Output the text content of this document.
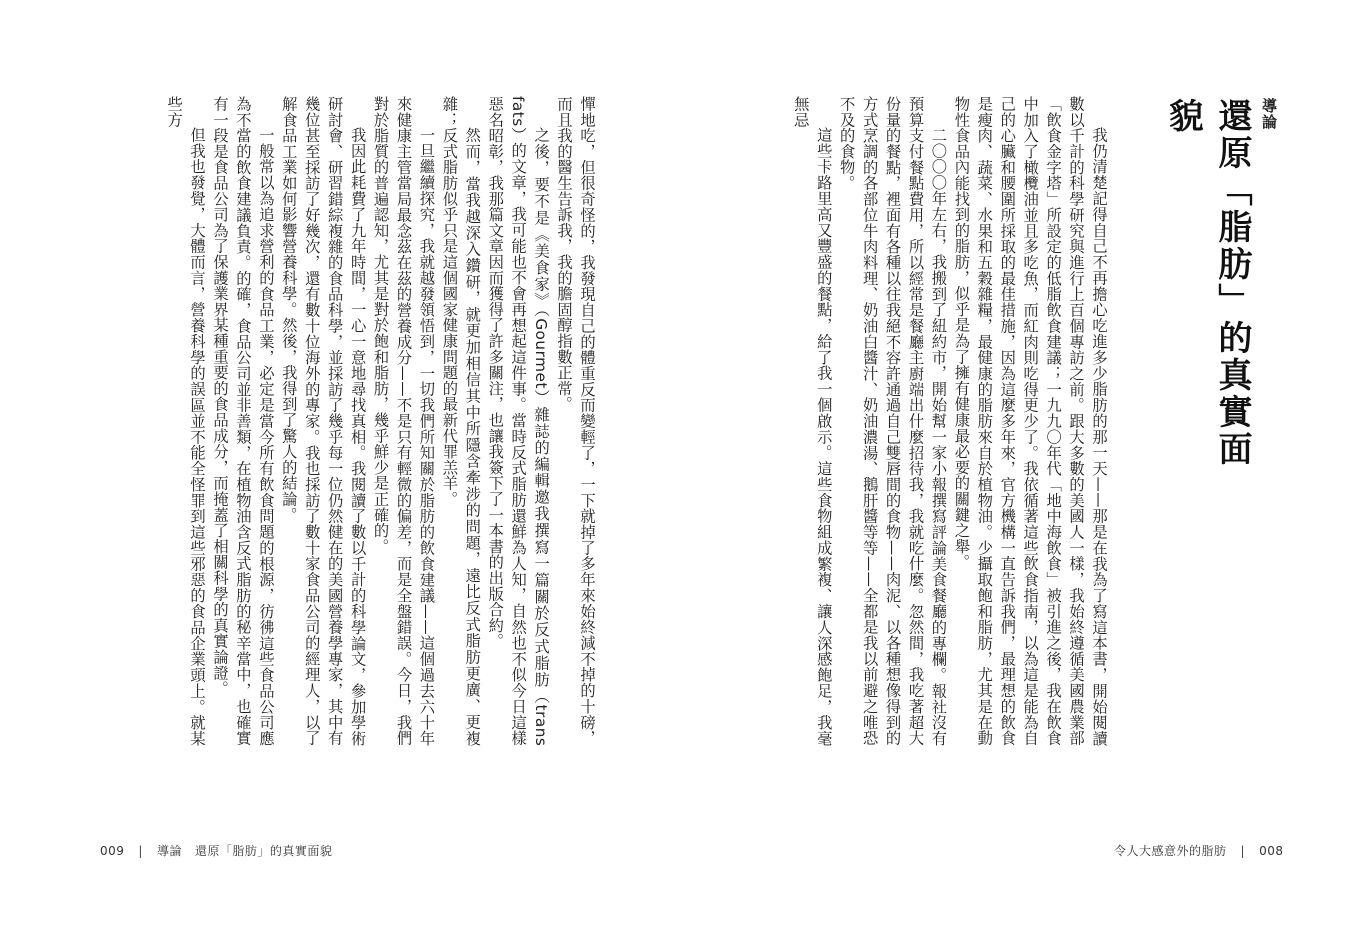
導論
還原「脂肪」的真實面貌

我仍清楚記得自己不再擔心吃進多少脂肪的那一天——那是在我為了寫這本書，開始閱讀數以千計的科學研究與進行上百個專訪之前。跟大多數的美國人一樣，我始終遵循美國農業部「飲食金字塔」所設定的低脂飲食建議；一九九〇年代「地中海飲食」被引進之後，我在飲食中加入了橄欖油並且多吃魚，而紅肉則吃得更少了。我依循著這些飲食指南，以為這是能為自己的心臟和腰圍所採取的最佳措施，因為這麼多年來，官方機構一直告訴我們，最理想的飲食是瘦肉、蔬菜、水果和五穀雜糧，最健康的脂肪來自於植物油。少攝取飽和脂肪，尤其是在動物性食品內能找到的脂肪，似乎是為了擁有健康最必要的關鍵之舉。

二〇〇〇年左右，我搬到了紐約市，開始幫一家小報撰寫評論美食餐廳的專欄。報社沒有預算支付餐點費用，所以經常是餐廳主廚端出什麼招待我，我就吃什麼。忽然間，我吃著超大份量的餐點，裡面有各種以往我絕不容許通過自己雙唇間的食物——肉泥、以各種想像得到的方式烹調的各部位牛肉料理、奶油白醬汁、奶油濃湯、鵝肝醬等等——全都是我以前避之唯恐不及的食物。

這些卡路里高又豐盛的餐點，給了我一個啟示。這些食物組成繁複、讓人深感飽足，我毫無忌

憚地吃，但很奇怪的，我發現自己的體重反而變輕了，一下就掉了多年來始終減不掉的十磅，而且我的醫生告訴我，我的膽固醇指數正常。

之後，要不是《美食家》（Gourmet）雜誌的編輯邀我撰寫一篇關於反式脂肪（trans fats）的文章，我可能也不會再想起這件事。當時反式脂肪還鮮為人知，自然也不似今日這樣惡名昭彰，我那篇文章因而獲得了許多關注，也讓我簽下了一本書的出版合約。

然而，當我越深入鑽研，就更加相信其中所隱含牽涉的問題，遠比反式脂肪更廣、更複雜；反式脂肪似乎只是這個國家健康問題的最新代罪羔羊。

一旦繼續探究，我就越發領悟到，一切我們所知關於脂肪的飲食建議——這個過去六十年來健康主管當局最念茲在茲的營養成分——不是只有輕微的偏差，而是全盤錯誤。今日，我們對於脂質的普遍認知，尤其是對於飽和脂肪，幾乎鮮少是正確的。

我因此耗費了九年時間，一心一意地尋找真相。我閱讀了數以千計的科學論文，參加學術研討會、研習錯綜複雜的食品科學，並採訪了幾乎每一位仍然健在的美國營養學專家，其中有幾位甚至採訪了好幾次，還有數十位海外的專家。我也採訪了數十家食品公司的經理人，以了解食品工業如何影響營養科學。然後，我得到了驚人的結論。

一般常以為追求營利的食品工業，必定是當今所有飲食問題的根源，彷彿這些食品公司應為不當的飲食建議負責。的確，食品公司並非善類，在植物油含反式脂肪的秘辛當中，也確實有一段是食品公司為了保護業界某種重要的食品成分，而掩蓋了相關科學的真實論證。

但我也發覺，大體而言，營養科學的誤區並不能全怪罪到這些邪惡的食品企業頭上。就某些方

009 | 導論 還原「脂肪」的真實面貌	令人大感意外的脂肪 | 008
